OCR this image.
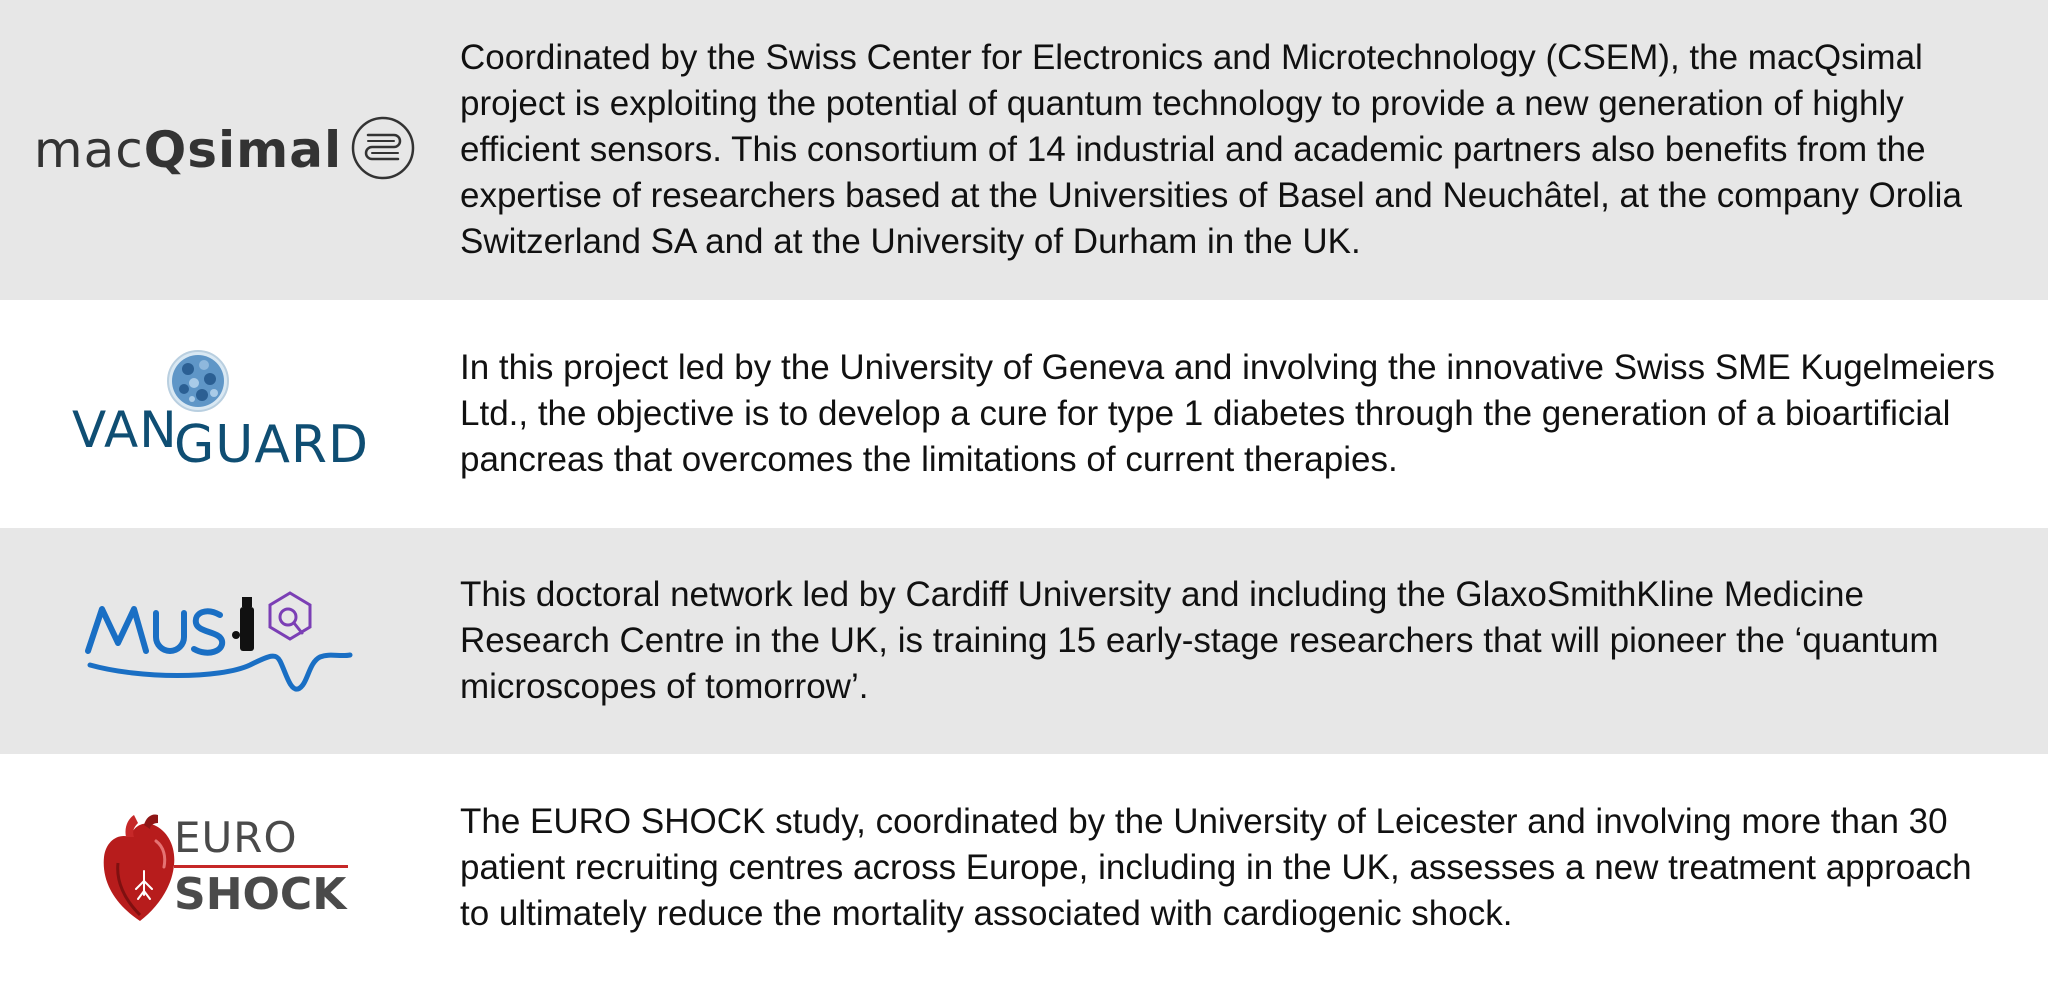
macQsimal

Coordinated by the Swiss Center for Electronics and Microtechnology (CSEM), the macQsimal project is exploiting the potential of quantum technology to provide a new generation of highly efficient sensors. This consortium of 14 industrial and academic partners also benefits from the expertise of researchers based at the Universities of Basel and Neuchâtel, at the company Orolia Switzerland SA and at the University of Durham in the UK.

VAN
GUARD

In this project led by the University of Geneva and involving the innovative Swiss SME Kugelmeiers Ltd., the objective is to develop a cure for type 1 diabetes through the generation of a bioartificial pancreas that overcomes the limitations of current therapies.

This doctoral network led by Cardiff University and including the GlaxoSmithKline Medicine Research Centre in the UK, is training 15 early-stage researchers that will pioneer the ‘quantum microscopes of tomorrow’.

EURO
SHOCK

The EURO SHOCK study, coordinated by the University of Leicester and involving more than 30 patient recruiting centres across Europe, including in the UK, assesses a new treatment approach to ultimately reduce the mortality associated with cardiogenic shock.
